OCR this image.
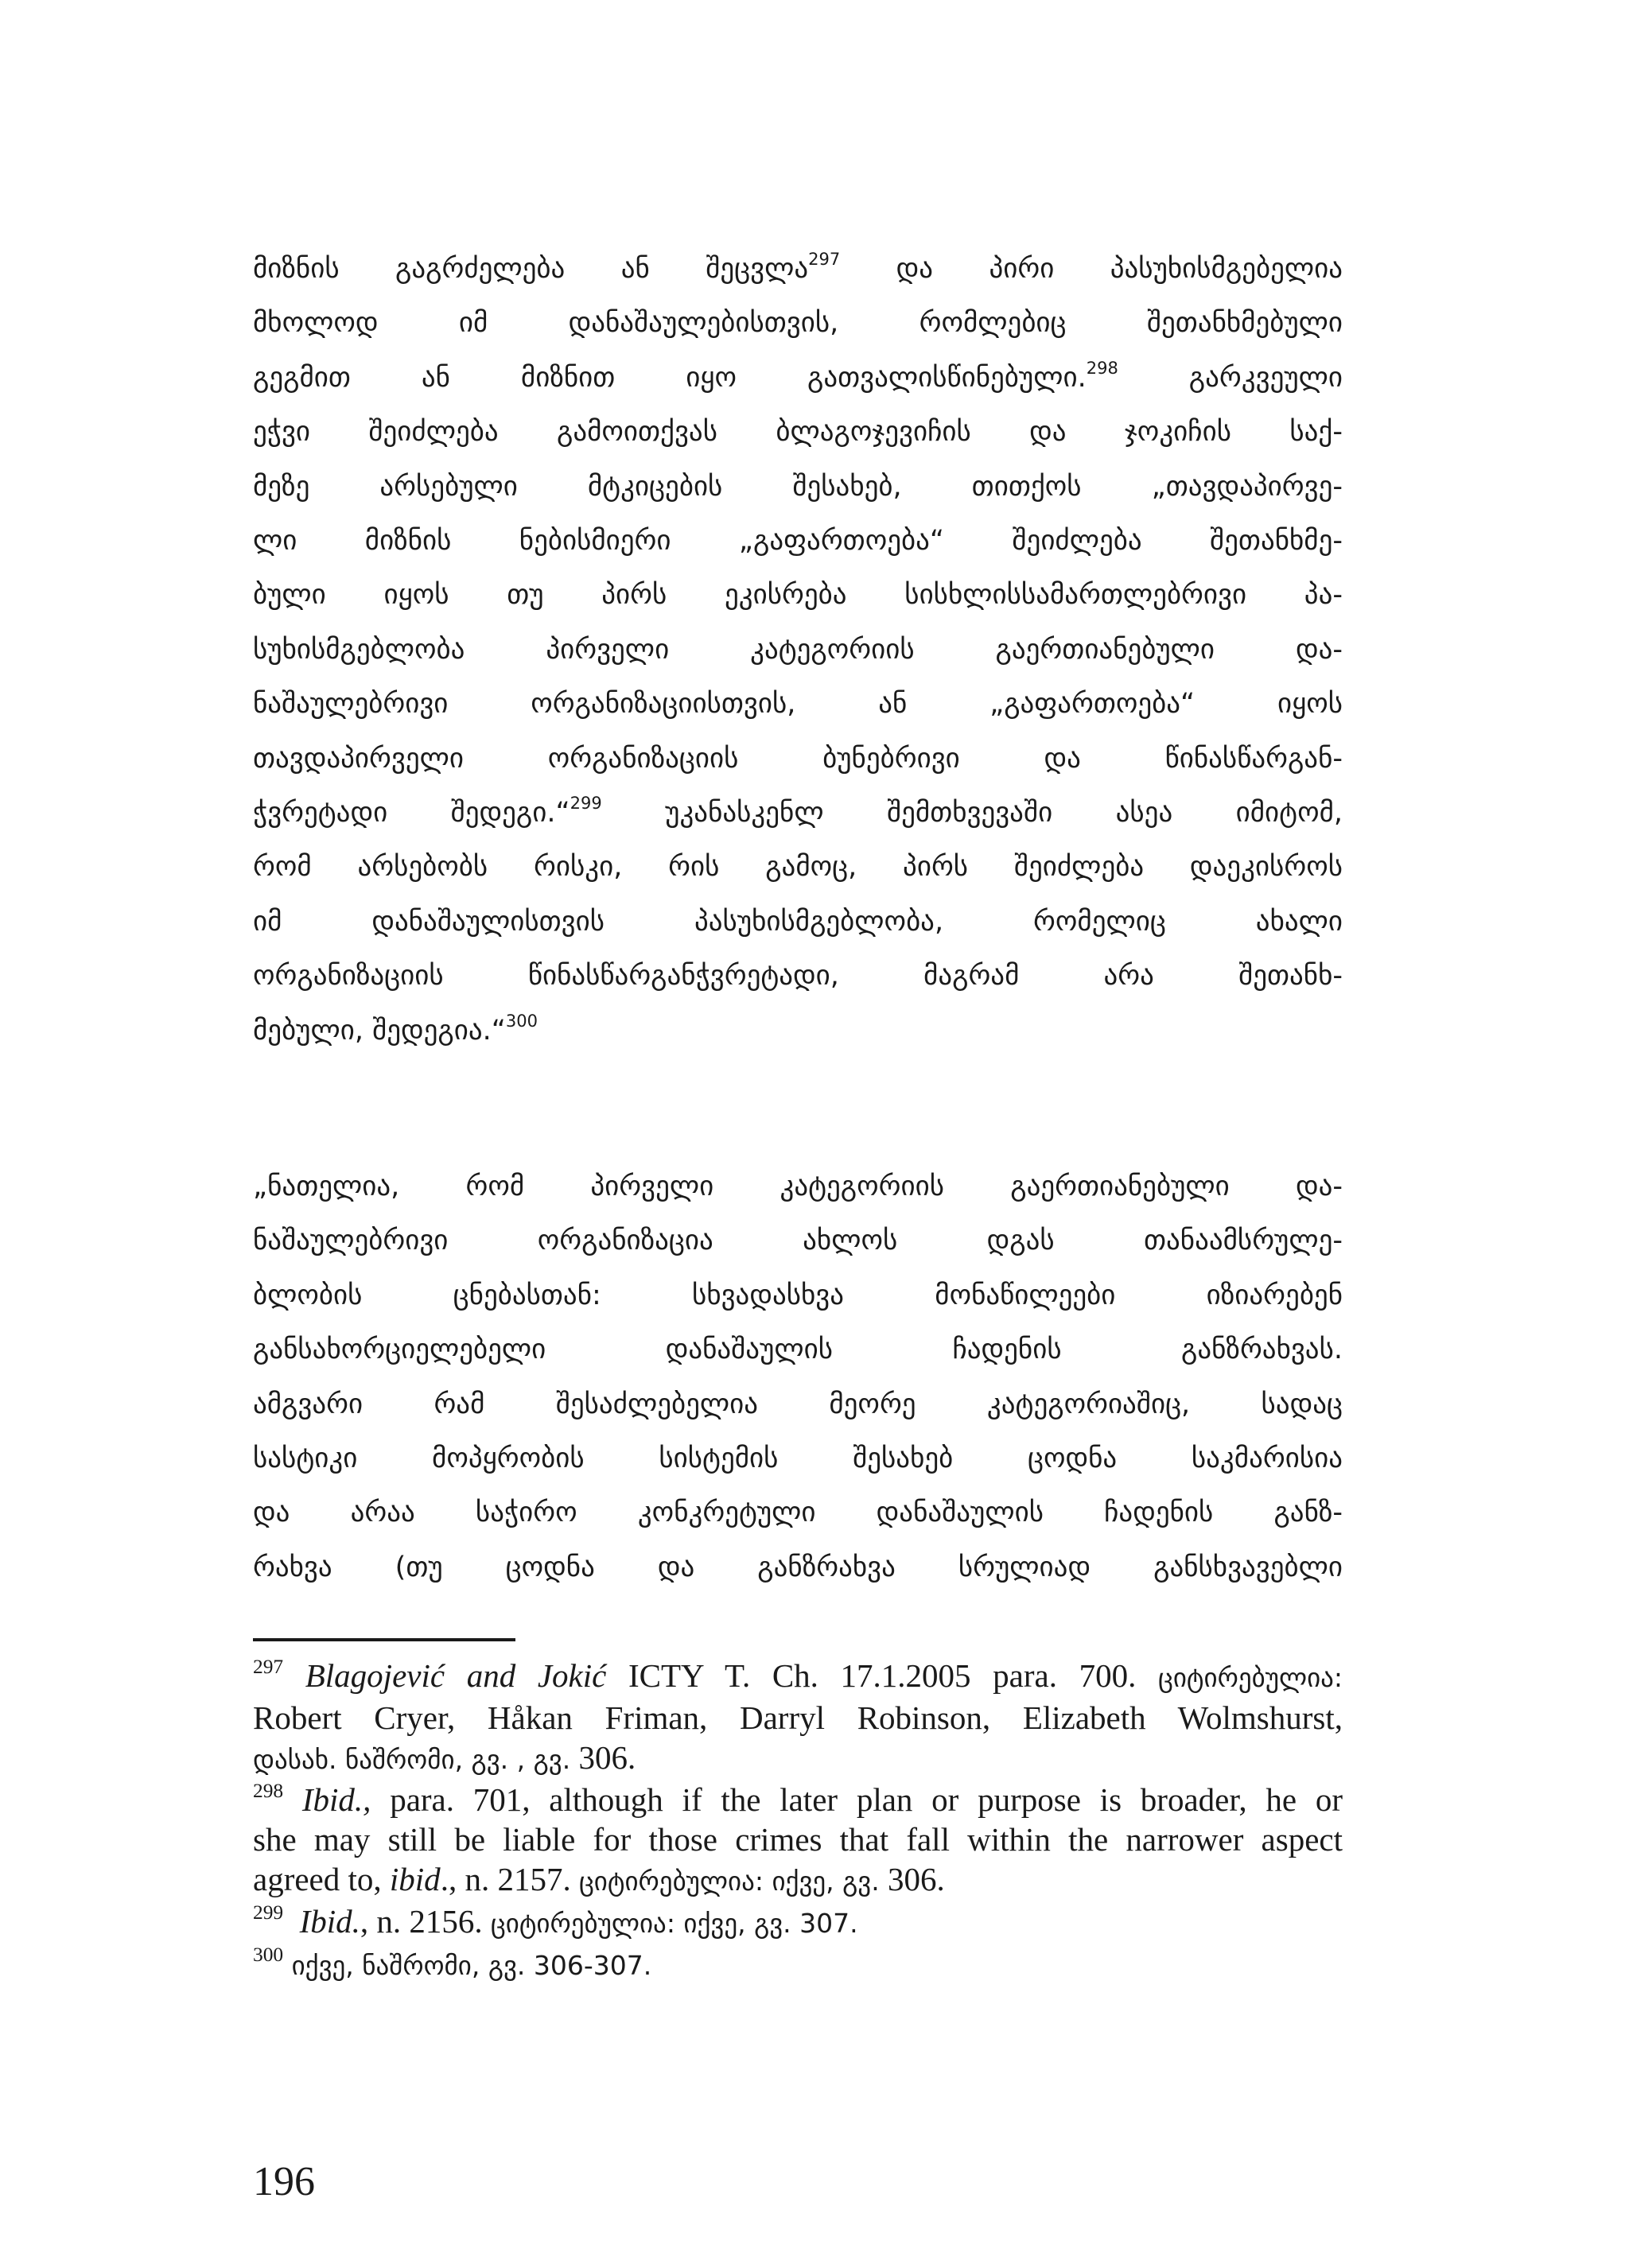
მიზნის გაგრძელება ან შეცვლა$^{297}$ და პირი პასუხისმგებელია
მხოლოდ იმ დანაშაულებისთვის, რომლებიც შეთანხმებული
გეგმით ან მიზნით იყო გათვალისწინებული.$^{298}$ გარკვეული
ეჭვი შეიძლება გამოითქვას ბლაგოჯევიჩის და ჯოკიჩის საქ-
მეზე არსებული მტკიცების შესახებ, თითქოს „თავდაპირვე-
ლი მიზნის ნებისმიერი „გაფართოება“ შეიძლება შეთანხმე-
ბული იყოს თუ პირს ეკისრება სისხლისსამართლებრივი პა-
სუხისმგებლობა პირველი კატეგორიის გაერთიანებული და-
ნაშაულებრივი ორგანიზაციისთვის, ან „გაფართოება“ იყოს
თავდაპირველი ორგანიზაციის ბუნებრივი და წინასწარგან-
ჭვრეტადი შედეგი.“$^{299}$ უკანასკენლ შემთხვევაში ასეა იმიტომ,
რომ არსებობს რისკი, რის გამოც, პირს შეიძლება დაეკისროს
იმ დანაშაულისთვის პასუხისმგებლობა, რომელიც ახალი
ორგანიზაციის წინასწარგანჭვრეტადი, მაგრამ არა შეთანხ-
მებული, შედეგია.“$^{300}$
„ნათელია, რომ პირველი კატეგორიის გაერთიანებული და-
ნაშაულებრივი ორგანიზაცია ახლოს დგას თანაამსრულე-
ბლობის ცნებასთან: სხვადასხვა მონაწილეები იზიარებენ
განსახორციელებელი დანაშაულის ჩადენის განზრახვას.
ამგვარი რამ შესაძლებელია მეორე კატეგორიაშიც, სადაც
სასტიკი მოპყრობის სისტემის შესახებ ცოდნა საკმარისია
და არაა საჭირო კონკრეტული დანაშაულის ჩადენის განზ-
რახვა (თუ ცოდნა და განზრახვა სრულიად განსხვავებლი
$^{297}$ Blagojević and Jokić ICTY T. Ch. 17.1.2005 para. 700. ციტირებულია:
Robert Cryer, Håkan Friman, Darryl Robinson, Elizabeth Wolmshurst,
დასახ. ნაშრომი, გვ. , გვ. 306.
$^{298}$ Ibid., para. 701, although if the later plan or purpose is broader, he or
she may still be liable for those crimes that fall within the narrower aspect
agreed to, ibid., n. 2157. ციტირებულია: იქვე, გვ. 306.
$^{299}$ Ibid., n. 2156. ციტირებულია: იქვე, გვ. 307.
$^{300}$ იქვე, ნაშრომი, გვ. 306-307.
196
